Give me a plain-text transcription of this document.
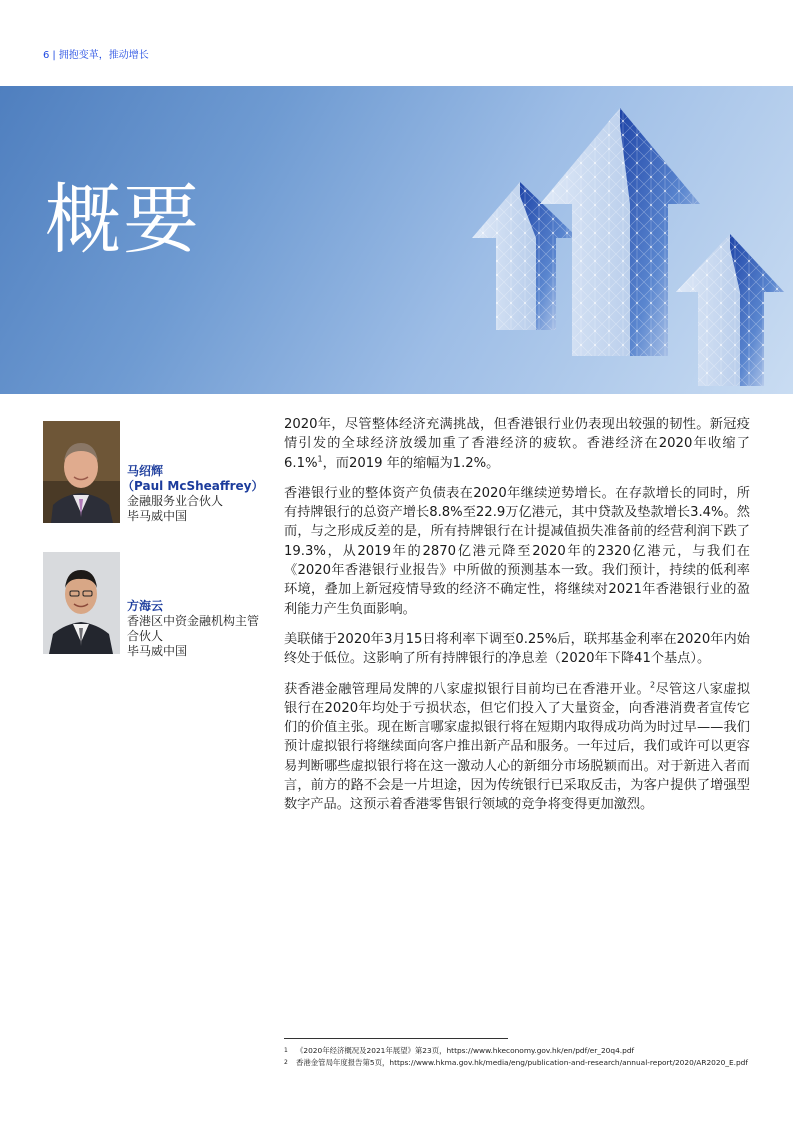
6 | 拥抱变革，推动增长
概要
马绍辉
（Paul McSheaffrey）
金融服务业合伙人
毕马威中国
方海云
香港区中资金融机构主管
合伙人
毕马威中国

2020年，尽管整体经济充满挑战，但香港银行业仍表现出较强的韧性。新冠疫情引发的全球经济放缓加重了香港经济的疲软。香港经济在2020年收缩了6.1%$^1$，而2019 年的缩幅为1.2%。

香港银行业的整体资产负债表在2020年继续逆势增长。在存款增长的同时，所有持牌银行的总资产增长8.8%至22.9万亿港元，其中贷款及垫款增长3.4%。然而，与之形成反差的是，所有持牌银行在计提减值损失准备前的经营利润下跌了19.3%，从2019年的2870亿港元降至2020年的2320亿港元，与我们在《2020年香港银行业报告》中所做的预测基本一致。我们预计，持续的低利率环境，叠加上新冠疫情导致的经济不确定性，将继续对2021年香港银行业的盈利能力产生负面影响。

美联储于2020年3月15日将利率下调至0.25%后，联邦基金利率在2020年内始终处于低位。这影响了所有持牌银行的净息差（2020年下降41个基点）。

获香港金融管理局发牌的八家虚拟银行目前均已在香港开业。$^2$尽管这八家虚拟银行在2020年均处于亏损状态，但它们投入了大量资金，向香港消费者宣传它们的价值主张。现在断言哪家虚拟银行将在短期内取得成功尚为时过早——我们预计虚拟银行将继续面向客户推出新产品和服务。一年过后，我们或许可以更容易判断哪些虚拟银行将在这一激动人心的新细分市场脱颖而出。对于新进入者而言，前方的路不会是一片坦途，因为传统银行已采取反击，为客户提供了增强型数字产品。这预示着香港零售银行领域的竞争将变得更加激烈。

1	《2020年经济概况及2021年展望》第23页，https://www.hkeconomy.gov.hk/en/pdf/er_20q4.pdf
2	香港金管局年度报告第5页，https://www.hkma.gov.hk/media/eng/publication-and-research/annual-report/2020/AR2020_E.pdf
